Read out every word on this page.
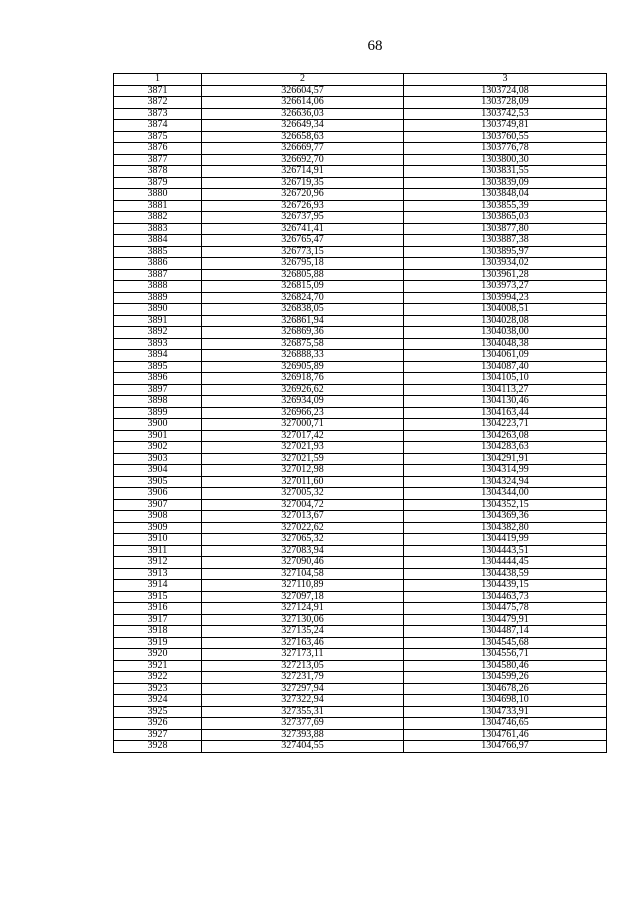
68
1	2	3
3871	326604,57	1303724,08
3872	326614,06	1303728,09
3873	326636,03	1303742,53
3874	326649,34	1303749,81
3875	326658,63	1303760,55
3876	326669,77	1303776,78
3877	326692,70	1303800,30
3878	326714,91	1303831,55
3879	326719,35	1303839,09
3880	326720,96	1303848,04
3881	326726,93	1303855,39
3882	326737,95	1303865,03
3883	326741,41	1303877,80
3884	326765,47	1303887,38
3885	326773,15	1303895,97
3886	326795,18	1303934,02
3887	326805,88	1303961,28
3888	326815,09	1303973,27
3889	326824,70	1303994,23
3890	326838,05	1304008,51
3891	326861,94	1304028,08
3892	326869,36	1304038,00
3893	326875,58	1304048,38
3894	326888,33	1304061,09
3895	326905,89	1304087,40
3896	326918,76	1304105,10
3897	326926,62	1304113,27
3898	326934,09	1304130,46
3899	326966,23	1304163,44
3900	327000,71	1304223,71
3901	327017,42	1304263,08
3902	327021,93	1304283,63
3903	327021,59	1304291,91
3904	327012,98	1304314,99
3905	327011,60	1304324,94
3906	327005,32	1304344,00
3907	327004,72	1304352,15
3908	327013,67	1304369,36
3909	327022,62	1304382,80
3910	327065,32	1304419,99
3911	327083,94	1304443,51
3912	327090,46	1304444,45
3913	327104,58	1304438,59
3914	327110,89	1304439,15
3915	327097,18	1304463,73
3916	327124,91	1304475,78
3917	327130,06	1304479,91
3918	327135,24	1304487,14
3919	327163,46	1304545,68
3920	327173,11	1304556,71
3921	327213,05	1304580,46
3922	327231,79	1304599,26
3923	327297,94	1304678,26
3924	327322,94	1304698,10
3925	327355,31	1304733,91
3926	327377,69	1304746,65
3927	327393,88	1304761,46
3928	327404,55	1304766,97
